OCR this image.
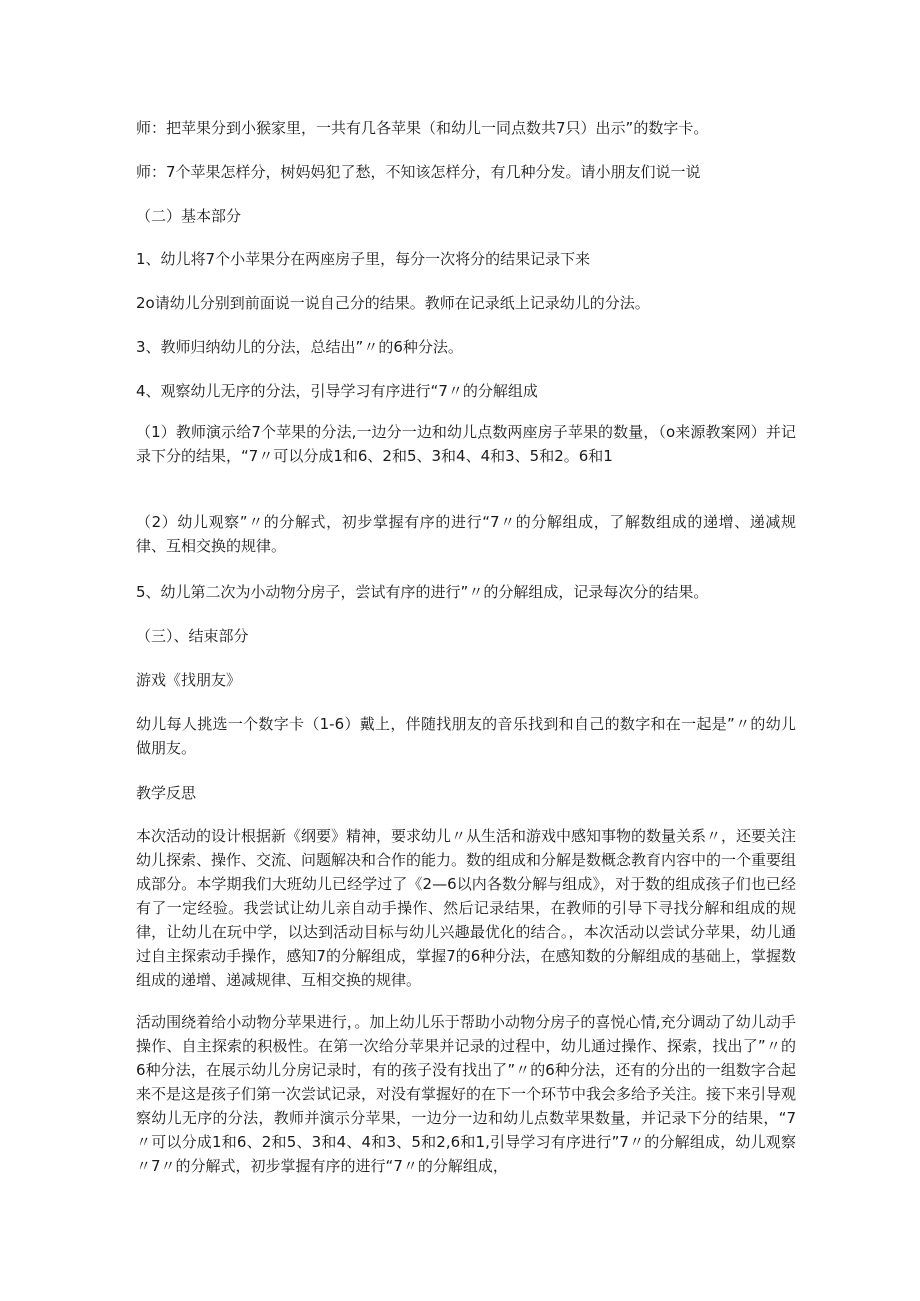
师：把苹果分到小猴家里，一共有几各苹果（和幼儿一同点数共7只）出示”的数字卡。
师：7个苹果怎样分，树妈妈犯了愁，不知该怎样分，有几种分发。请小朋友们说一说
（二）基本部分
1、幼儿将7个小苹果分在两座房子里，每分一次将分的结果记录下来
2o请幼儿分别到前面说一说自己分的结果。教师在记录纸上记录幼儿的分法。
3、教师归纳幼儿的分法，总结出”〃的6种分法。
4、观察幼儿无序的分法，引导学习有序进行“7〃的分解组成
（1）教师演示给7个苹果的分法,一边分一边和幼儿点数两座房子苹果的数量，（o来源教案网）并记录下分的结果，“7〃可以分成1和6、2和5、3和4、4和3、5和2。6和1
（2）幼儿观察”〃的分解式，初步掌握有序的进行“7〃的分解组成，了解数组成的递增、递减规律、互相交换的规律。
5、幼儿第二次为小动物分房子，尝试有序的进行”〃的分解组成，记录每次分的结果。
（三）、结束部分
游戏《找朋友》
幼儿每人挑选一个数字卡（1-6）戴上，伴随找朋友的音乐找到和自己的数字和在一起是”〃的幼儿做朋友。
教学反思
本次活动的设计根据新《纲要》精神，要求幼儿〃从生活和游戏中感知事物的数量关系〃，还要关注幼儿探索、操作、交流、问题解决和合作的能力。数的组成和分解是数概念教育内容中的一个重要组成部分。本学期我们大班幼儿已经学过了《2—6以内各数分解与组成》，对于数的组成孩子们也已经有了一定经验。我尝试让幼儿亲自动手操作、然后记录结果，在教师的引导下寻找分解和组成的规律，让幼儿在玩中学，以达到活动目标与幼儿兴趣最优化的结合。，本次活动以尝试分苹果，幼儿通过自主探索动手操作，感知7的分解组成，掌握7的6种分法，在感知数的分解组成的基础上，掌握数组成的递增、递减规律、互相交换的规律。
活动围绕着给小动物分苹果进行，。加上幼儿乐于帮助小动物分房子的喜悦心情,充分调动了幼儿动手操作、自主探索的积极性。在第一次给分苹果并记录的过程中，幼儿通过操作、探索，找出了”〃的6种分法，在展示幼儿分房记录时，有的孩子没有找出了”〃的6种分法，还有的分出的一组数字合起来不是这是孩子们第一次尝试记录，对没有掌握好的在下一个环节中我会多给予关注。接下来引导观察幼儿无序的分法，教师并演示分苹果，一边分一边和幼儿点数苹果数量，并记录下分的结果，“7〃可以分成1和6、2和5、3和4、4和3、5和2,6和1,引导学习有序进行”7〃的分解组成，幼儿观察〃7〃的分解式，初步掌握有序的进行“7〃的分解组成，
